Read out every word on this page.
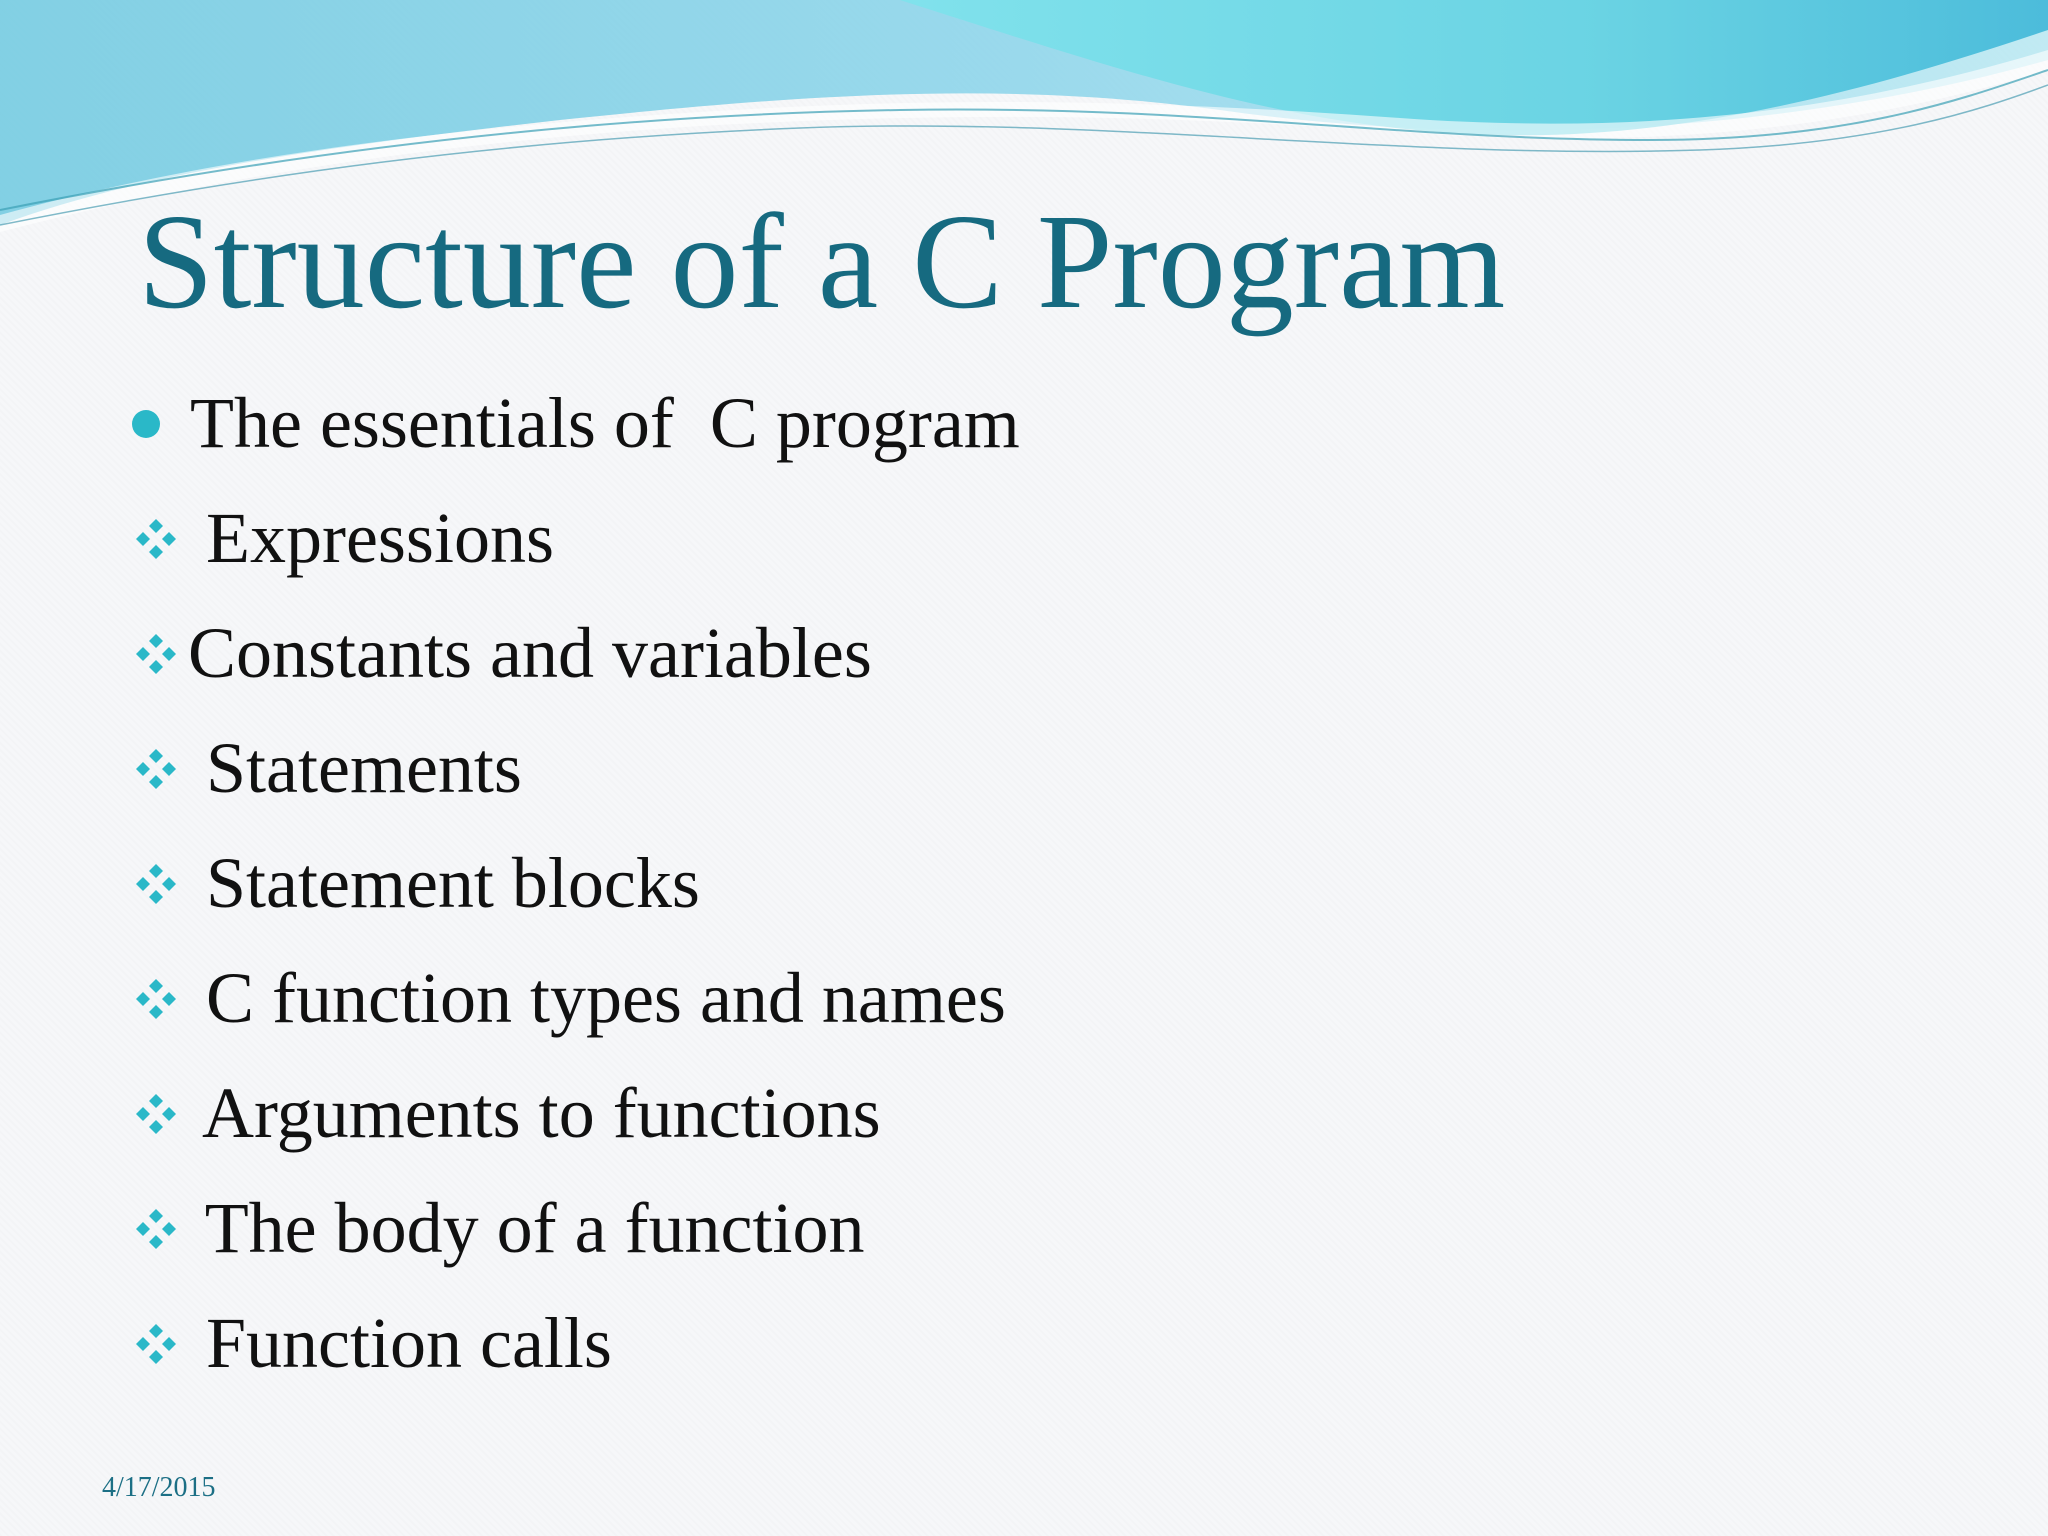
Structure of a C Program
The essentials of  C program
Expressions
Constants and variables
Statements
Statement blocks
C function types and names
Arguments to functions
The body of a function
Function calls
4/17/2015
